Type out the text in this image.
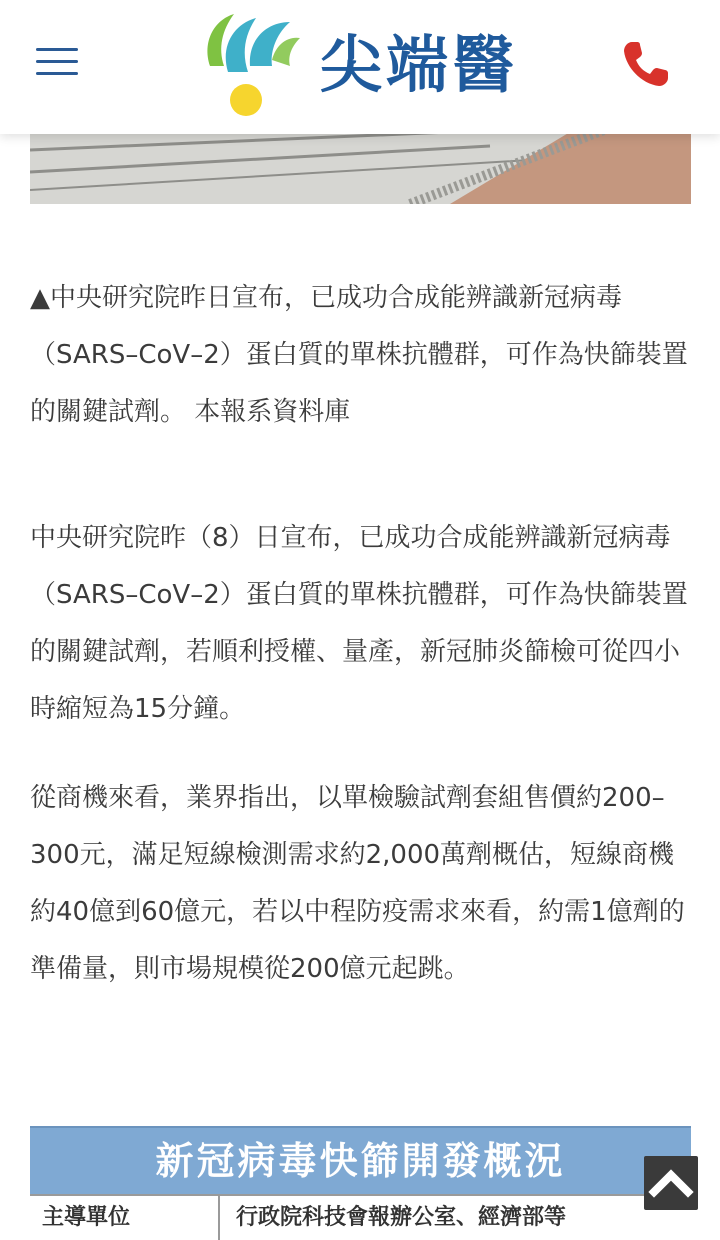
尖端醫
▲中央研究院昨日宣布，已成功合成能辨識新冠病毒（SARS–CoV–2）蛋白質的單株抗體群，可作為快篩裝置的關鍵試劑。 本報系資料庫
中央研究院昨（8）日宣布，已成功合成能辨識新冠病毒（SARS–CoV–2）蛋白質的單株抗體群，可作為快篩裝置的關鍵試劑，若順利授權、量產，新冠肺炎篩檢可從四小時縮短為15分鐘。
從商機來看，業界指出，以單檢驗試劑套組售價約200–300元，滿足短線檢測需求約2,000萬劑概估，短線商機約40億到60億元，若以中程防疫需求來看，約需1億劑的準備量，則市場規模從200億元起跳。
新冠病毒快篩開發概況
主導單位	行政院科技會報辦公室、經濟部等
